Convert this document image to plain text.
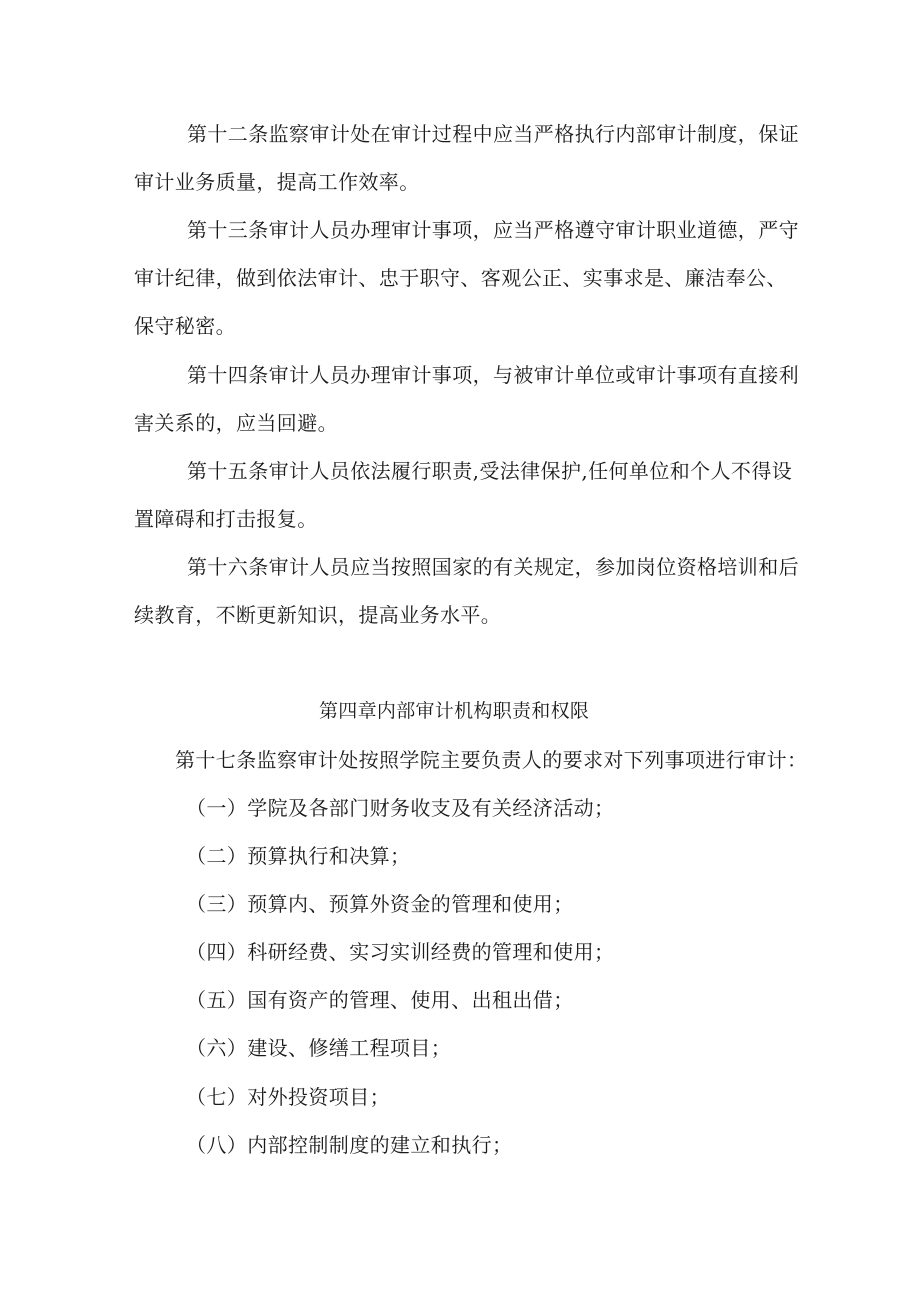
第十二条监察审计处在审计过程中应当严格执行内部审计制度，保证
审计业务质量，提高工作效率。
第十三条审计人员办理审计事项，应当严格遵守审计职业道德，严守
审计纪律，做到依法审计、忠于职守、客观公正、实事求是、廉洁奉公、
保守秘密。
第十四条审计人员办理审计事项，与被审计单位或审计事项有直接利
害关系的，应当回避。
第十五条审计人员依法履行职责,受法律保护,任何单位和个人不得设
置障碍和打击报复。
第十六条审计人员应当按照国家的有关规定，参加岗位资格培训和后
续教育，不断更新知识，提高业务水平。
第四章内部审计机构职责和权限
第十七条监察审计处按照学院主要负责人的要求对下列事项进行审计：
（一）学院及各部门财务收支及有关经济活动；
（二）预算执行和决算；
（三）预算内、预算外资金的管理和使用；
（四）科研经费、实习实训经费的管理和使用；
（五）国有资产的管理、使用、出租出借；
（六）建设、修缮工程项目；
（七）对外投资项目；
（八）内部控制制度的建立和执行；
